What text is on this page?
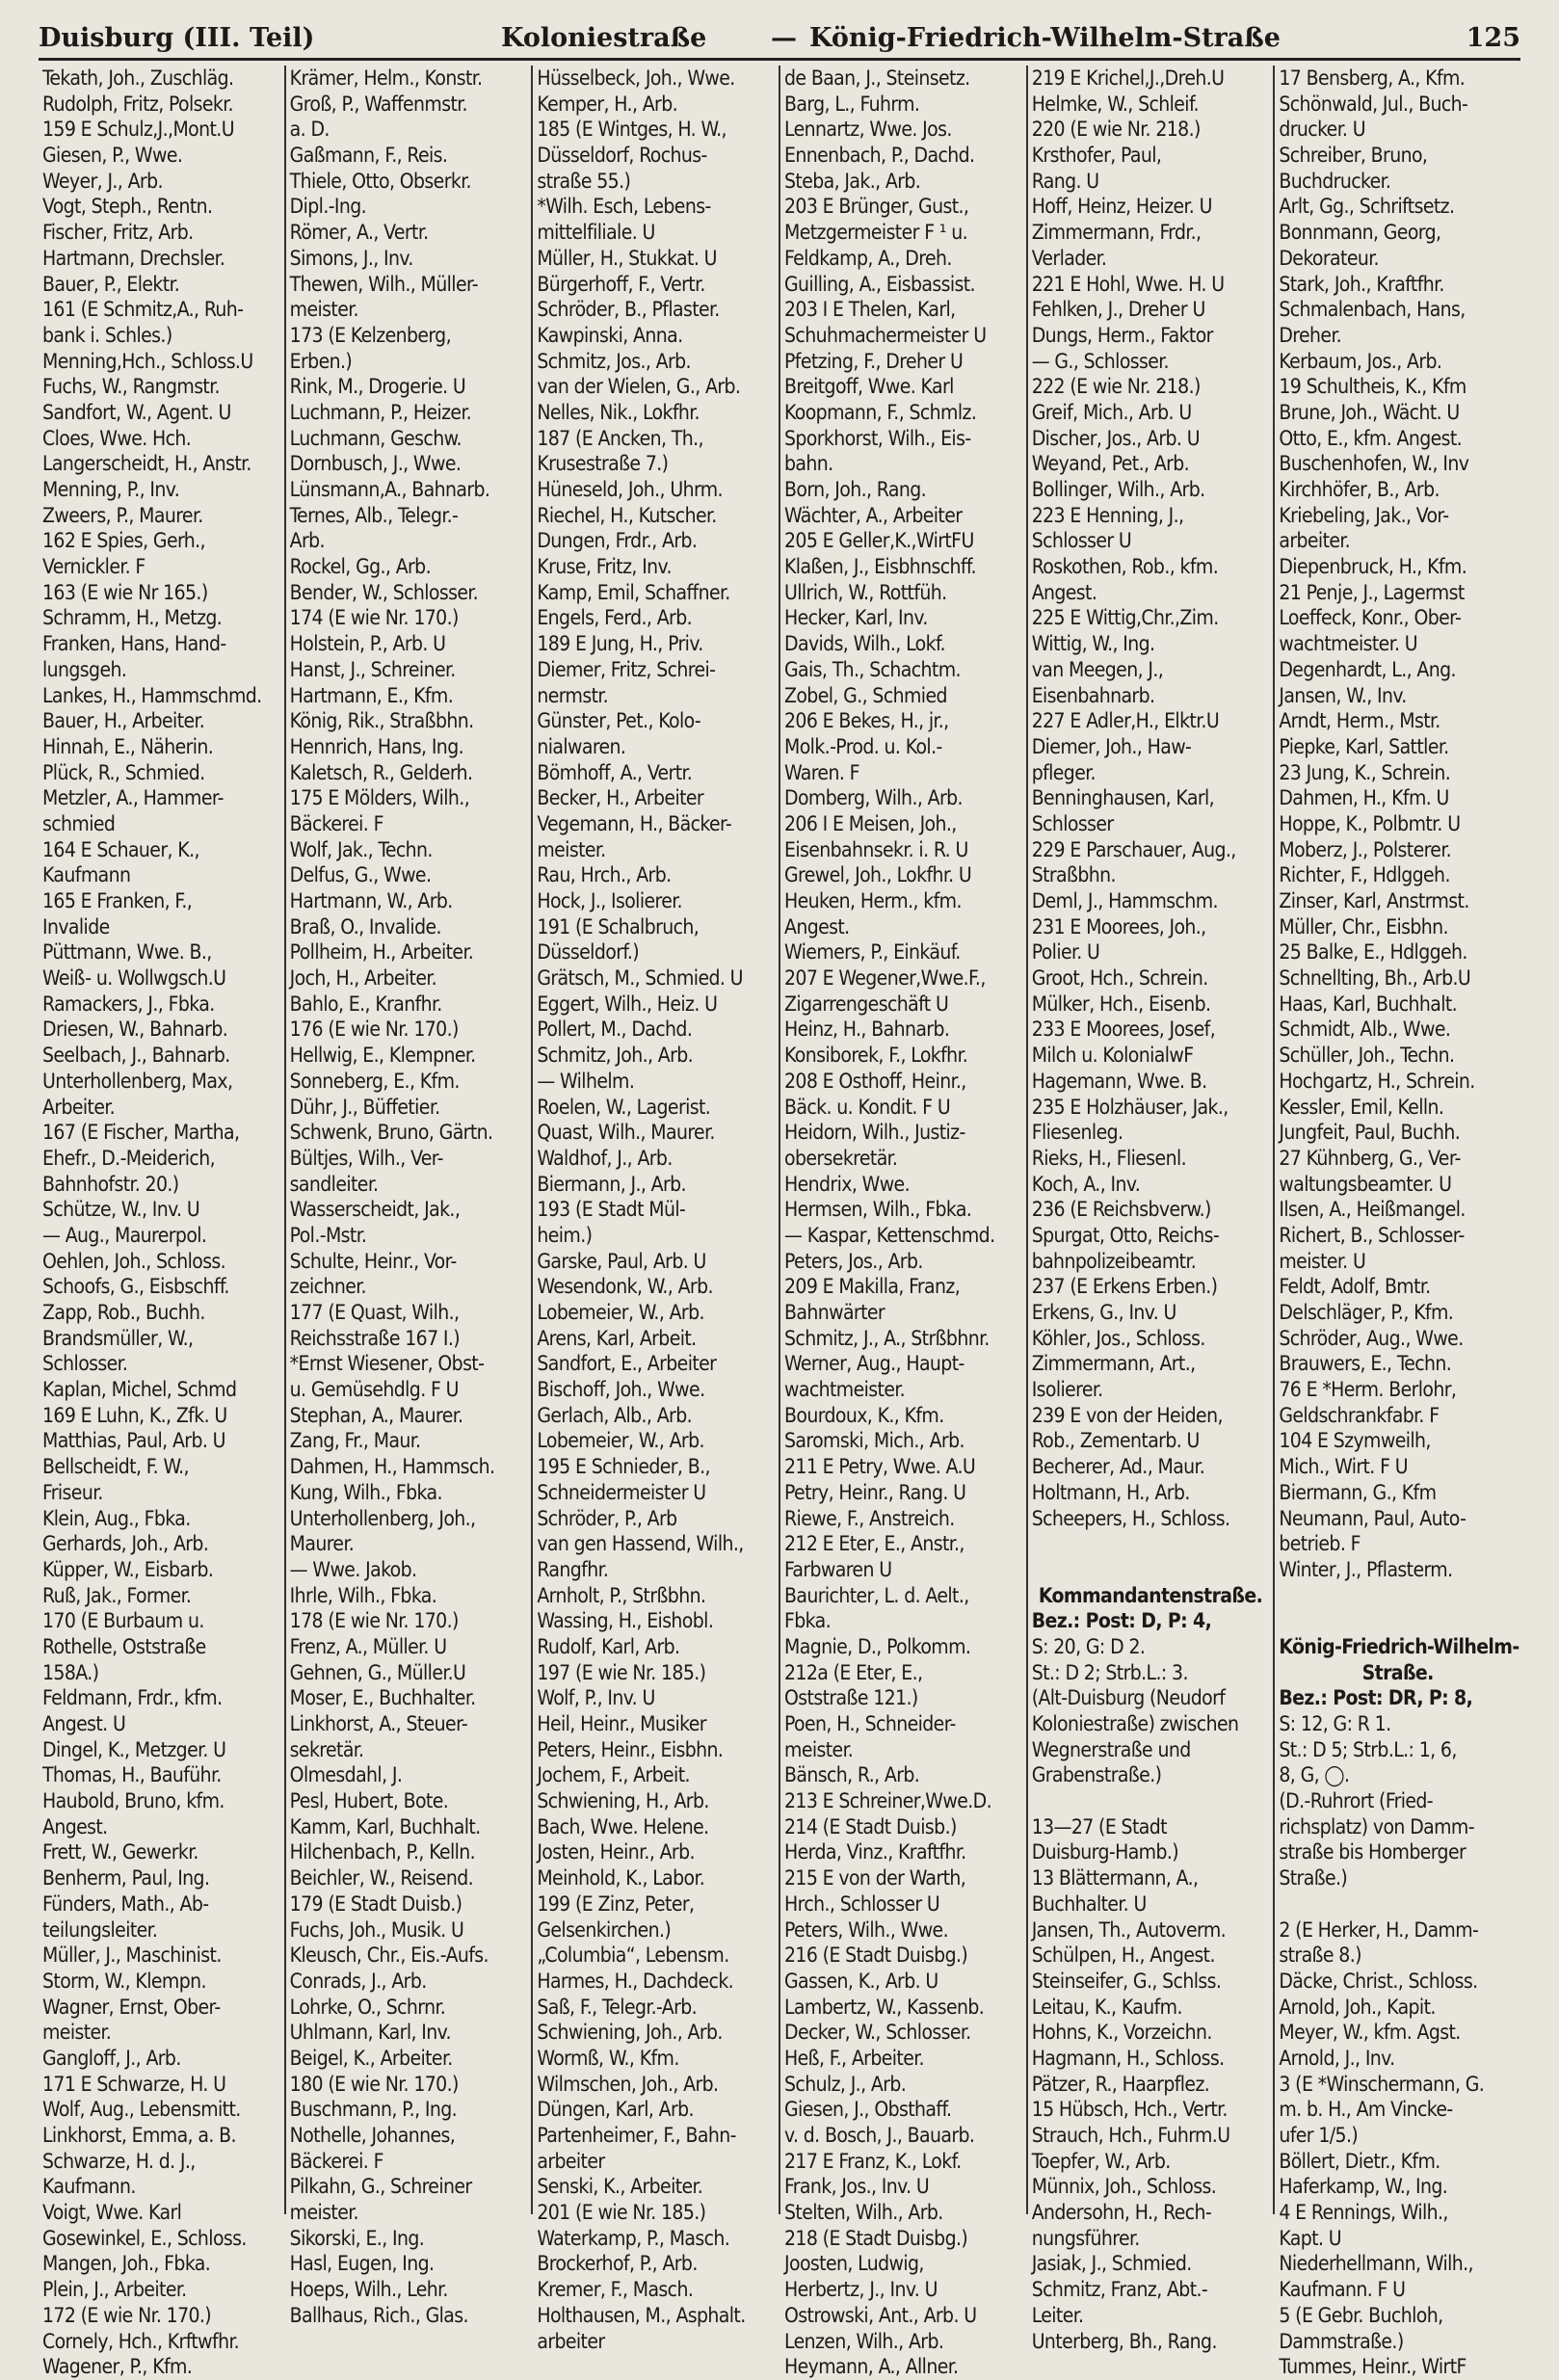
Duisburg (III. Teil)	Koloniestraße — König-Friedrich-Wilhelm-Straße	125
Tekath, Joh., Zuschläg.
Rudolph, Fritz, Polsekr.
159 E Schulz,J.,Mont.U
Giesen, P., Wwe.
Weyer, J., Arb.
Vogt, Steph., Rentn.
Fischer, Fritz, Arb.
Hartmann, Drechsler.
Bauer, P., Elektr.
161 (E Schmitz,A., Ruh-
bank i. Schles.)
Menning,Hch., Schloss.U
Fuchs, W., Rangmstr.
Sandfort, W., Agent. U
Cloes, Wwe. Hch.
Langerscheidt, H., Anstr.
Menning, P., Inv.
Zweers, P., Maurer.
162 E Spies, Gerh.,
Vernickler. F
163 (E wie Nr 165.)
Schramm, H., Metzg.
Franken, Hans, Hand-
lungsgeh.
Lankes, H., Hammschmd.
Bauer, H., Arbeiter.
Hinnah, E., Näherin.
Plück, R., Schmied.
Metzler, A., Hammer-
schmied
164 E Schauer, K.,
Kaufmann
165 E Franken, F.,
Invalide
Püttmann, Wwe. B.,
Weiß- u. Wollwgsch.U
Ramackers, J., Fbka.
Driesen, W., Bahnarb.
Seelbach, J., Bahnarb.
Unterhollenberg, Max,
Arbeiter.
167 (E Fischer, Martha,
Ehefr., D.-Meiderich,
Bahnhofstr. 20.)
Schütze, W., Inv. U
— Aug., Maurerpol.
Oehlen, Joh., Schloss.
Schoofs, G., Eisbschff.
Zapp, Rob., Buchh.
Brandsmüller, W.,
Schlosser.
Kaplan, Michel, Schmd
169 E Luhn, K., Zfk. U
Matthias, Paul, Arb. U
Bellscheidt, F. W.,
Friseur.
Klein, Aug., Fbka.
Gerhards, Joh., Arb.
Küpper, W., Eisbarb.
Ruß, Jak., Former.
170 (E Burbaum u.
Rothelle, Oststraße
158A.)
Feldmann, Frdr., kfm.
Angest. U
Dingel, K., Metzger. U
Thomas, H., Bauführ.
Haubold, Bruno, kfm.
Angest.
Frett, W., Gewerkr.
Benherm, Paul, Ing.
Fünders, Math., Ab-
teilungsleiter.
Müller, J., Maschinist.
Storm, W., Klempn.
Wagner, Ernst, Ober-
meister.
Gangloff, J., Arb.
171 E Schwarze, H. U
Wolf, Aug., Lebensmitt.
Linkhorst, Emma, a. B.
Schwarze, H. d. J.,
Kaufmann.
Voigt, Wwe. Karl
Gosewinkel, E., Schloss.
Mangen, Joh., Fbka.
Plein, J., Arbeiter.
172 (E wie Nr. 170.)
Cornely, Hch., Krftwfhr.
Wagener, P., Kfm.
Krämer, Helm., Konstr.
Groß, P., Waffenmstr.
a. D.
Gaßmann, F., Reis.
Thiele, Otto, Obserkr.
Dipl.-Ing.
Römer, A., Vertr.
Simons, J., Inv.
Thewen, Wilh., Müller-
meister.
173 (E Kelzenberg,
Erben.)
Rink, M., Drogerie. U
Luchmann, P., Heizer.
Luchmann, Geschw.
Dornbusch, J., Wwe.
Lünsmann,A., Bahnarb.
Ternes, Alb., Telegr.-
Arb.
Rockel, Gg., Arb.
Bender, W., Schlosser.
174 (E wie Nr. 170.)
Holstein, P., Arb. U
Hanst, J., Schreiner.
Hartmann, E., Kfm.
König, Rik., Straßbhn.
Hennrich, Hans, Ing.
Kaletsch, R., Gelderh.
175 E Mölders, Wilh.,
Bäckerei. F
Wolf, Jak., Techn.
Delfus, G., Wwe.
Hartmann, W., Arb.
Braß, O., Invalide.
Pollheim, H., Arbeiter.
Joch, H., Arbeiter.
Bahlo, E., Kranfhr.
176 (E wie Nr. 170.)
Hellwig, E., Klempner.
Sonneberg, E., Kfm.
Dühr, J., Büffetier.
Schwenk, Bruno, Gärtn.
Bültjes, Wilh., Ver-
sandleiter.
Wasserscheidt, Jak.,
Pol.-Mstr.
Schulte, Heinr., Vor-
zeichner.
177 (E Quast, Wilh.,
Reichsstraße 167 I.)
*Ernst Wiesener, Obst-
u. Gemüsehdlg. F U
Stephan, A., Maurer.
Zang, Fr., Maur.
Dahmen, H., Hammsch.
Kung, Wilh., Fbka.
Unterhollenberg, Joh.,
Maurer.
— Wwe. Jakob.
Ihrle, Wilh., Fbka.
178 (E wie Nr. 170.)
Frenz, A., Müller. U
Gehnen, G., Müller.U
Moser, E., Buchhalter.
Linkhorst, A., Steuer-
sekretär.
Olmesdahl, J.
Pesl, Hubert, Bote.
Kamm, Karl, Buchhalt.
Hilchenbach, P., Kelln.
Beichler, W., Reisend.
179 (E Stadt Duisb.)
Fuchs, Joh., Musik. U
Kleusch, Chr., Eis.-Aufs.
Conrads, J., Arb.
Lohrke, O., Schrnr.
Uhlmann, Karl, Inv.
Beigel, K., Arbeiter.
180 (E wie Nr. 170.)
Buschmann, P., Ing.
Nothelle, Johannes,
Bäckerei. F
Pilkahn, G., Schreiner
meister.
Sikorski, E., Ing.
Hasl, Eugen, Ing.
Hoeps, Wilh., Lehr.
Ballhaus, Rich., Glas.
Hüsselbeck, Joh., Wwe.
Kemper, H., Arb.
185 (E Wintges, H. W.,
Düsseldorf, Rochus-
straße 55.)
*Wilh. Esch, Lebens-
mittelfiliale. U
Müller, H., Stukkat. U
Bürgerhoff, F., Vertr.
Schröder, B., Pflaster.
Kawpinski, Anna.
Schmitz, Jos., Arb.
van der Wielen, G., Arb.
Nelles, Nik., Lokfhr.
187 (E Ancken, Th.,
Krusestraße 7.)
Hüneseld, Joh., Uhrm.
Riechel, H., Kutscher.
Dungen, Frdr., Arb.
Kruse, Fritz, Inv.
Kamp, Emil, Schaffner.
Engels, Ferd., Arb.
189 E Jung, H., Priv.
Diemer, Fritz, Schrei-
nermstr.
Günster, Pet., Kolo-
nialwaren.
Bömhoff, A., Vertr.
Becker, H., Arbeiter
Vegemann, H., Bäcker-
meister.
Rau, Hrch., Arb.
Hock, J., Isolierer.
191 (E Schalbruch,
Düsseldorf.)
Grätsch, M., Schmied. U
Eggert, Wilh., Heiz. U
Pollert, M., Dachd.
Schmitz, Joh., Arb.
— Wilhelm.
Roelen, W., Lagerist.
Quast, Wilh., Maurer.
Waldhof, J., Arb.
Biermann, J., Arb.
193 (E Stadt Mül-
heim.)
Garske, Paul, Arb. U
Wesendonk, W., Arb.
Lobemeier, W., Arb.
Arens, Karl, Arbeit.
Sandfort, E., Arbeiter
Bischoff, Joh., Wwe.
Gerlach, Alb., Arb.
Lobemeier, W., Arb.
195 E Schnieder, B.,
Schneidermeister U
Schröder, P., Arb
van gen Hassend, Wilh.,
Rangfhr.
Arnholt, P., Strßbhn.
Wassing, H., Eishobl.
Rudolf, Karl, Arb.
197 (E wie Nr. 185.)
Wolf, P., Inv. U
Heil, Heinr., Musiker
Peters, Heinr., Eisbhn.
Jochem, F., Arbeit.
Schwiening, H., Arb.
Bach, Wwe. Helene.
Josten, Heinr., Arb.
Meinhold, K., Labor.
199 (E Zinz, Peter,
Gelsenkirchen.)
„Columbia“, Lebensm.
Harmes, H., Dachdeck.
Saß, F., Telegr.-Arb.
Schwiening, Joh., Arb.
Wormß, W., Kfm.
Wilmschen, Joh., Arb.
Düngen, Karl, Arb.
Partenheimer, F., Bahn-
arbeiter
Senski, K., Arbeiter.
201 (E wie Nr. 185.)
Waterkamp, P., Masch.
Brockerhof, P., Arb.
Kremer, F., Masch.
Holthausen, M., Asphalt.
arbeiter
de Baan, J., Steinsetz.
Barg, L., Fuhrm.
Lennartz, Wwe. Jos.
Ennenbach, P., Dachd.
Steba, Jak., Arb.
203 E Brünger, Gust.,
Metzgermeister F ¹ u.
Feldkamp, A., Dreh.
Guilling, A., Eisbassist.
203 I E Thelen, Karl,
Schuhmachermeister U
Pfetzing, F., Dreher U
Breitgoff, Wwe. Karl
Koopmann, F., Schmlz.
Sporkhorst, Wilh., Eis-
bahn.
Born, Joh., Rang.
Wächter, A., Arbeiter
205 E Geller,K.,WirtFU
Klaßen, J., Eisbhnschff.
Ullrich, W., Rottfüh.
Hecker, Karl, Inv.
Davids, Wilh., Lokf.
Gais, Th., Schachtm.
Zobel, G., Schmied
206 E Bekes, H., jr.,
Molk.-Prod. u. Kol.-
Waren. F
Domberg, Wilh., Arb.
206 I E Meisen, Joh.,
Eisenbahnsekr. i. R. U
Grewel, Joh., Lokfhr. U
Heuken, Herm., kfm.
Angest.
Wiemers, P., Einkäuf.
207 E Wegener,Wwe.F.,
Zigarrengeschäft U
Heinz, H., Bahnarb.
Konsiborek, F., Lokfhr.
208 E Osthoff, Heinr.,
Bäck. u. Kondit. F U
Heidorn, Wilh., Justiz-
obersekretär.
Hendrix, Wwe.
Hermsen, Wilh., Fbka.
— Kaspar, Kettenschmd.
Peters, Jos., Arb.
209 E Makilla, Franz,
Bahnwärter
Schmitz, J., A., Strßbhnr.
Werner, Aug., Haupt-
wachtmeister.
Bourdoux, K., Kfm.
Saromski, Mich., Arb.
211 E Petry, Wwe. A.U
Petry, Heinr., Rang. U
Riewe, F., Anstreich.
212 E Eter, E., Anstr.,
Farbwaren U
Baurichter, L. d. Aelt.,
Fbka.
Magnie, D., Polkomm.
212a (E Eter, E.,
Oststraße 121.)
Poen, H., Schneider-
meister.
Bänsch, R., Arb.
213 E Schreiner,Wwe.D.
214 (E Stadt Duisb.)
Herda, Vinz., Kraftfhr.
215 E von der Warth,
Hrch., Schlosser U
Peters, Wilh., Wwe.
216 (E Stadt Duisbg.)
Gassen, K., Arb. U
Lambertz, W., Kassenb.
Decker, W., Schlosser.
Heß, F., Arbeiter.
Schulz, J., Arb.
Giesen, J., Obsthaff.
v. d. Bosch, J., Bauarb.
217 E Franz, K., Lokf.
Frank, Jos., Inv. U
Stelten, Wilh., Arb.
218 (E Stadt Duisbg.)
Joosten, Ludwig,
Herbertz, J., Inv. U
Ostrowski, Ant., Arb. U
Lenzen, Wilh., Arb.
Heymann, A., Allner.
219 E Krichel,J.,Dreh.U
Helmke, W., Schleif.
220 (E wie Nr. 218.)
Krsthofer, Paul,
Rang. U
Hoff, Heinz, Heizer. U
Zimmermann, Frdr.,
Verlader.
221 E Hohl, Wwe. H. U
Fehlken, J., Dreher U
Dungs, Herm., Faktor
— G., Schlosser.
222 (E wie Nr. 218.)
Greif, Mich., Arb. U
Discher, Jos., Arb. U
Weyand, Pet., Arb.
Bollinger, Wilh., Arb.
223 E Henning, J.,
Schlosser U
Roskothen, Rob., kfm.
Angest.
225 E Wittig,Chr.,Zim.
Wittig, W., Ing.
van Meegen, J.,
Eisenbahnarb.
227 E Adler,H., Elktr.U
Diemer, Joh., Haw-
pfleger.
Benninghausen, Karl,
Schlosser
229 E Parschauer, Aug.,
Straßbhn.
Deml, J., Hammschm.
231 E Moorees, Joh.,
Polier. U
Groot, Hch., Schrein.
Mülker, Hch., Eisenb.
233 E Moorees, Josef,
Milch u. KolonialwF
Hagemann, Wwe. B.
235 E Holzhäuser, Jak.,
Fliesenleg.
Rieks, H., Fliesenl.
Koch, A., Inv.
236 (E Reichsbverw.)
Spurgat, Otto, Reichs-
bahnpolizeibeamtr.
237 (E Erkens Erben.)
Erkens, G., Inv. U
Köhler, Jos., Schloss.
Zimmermann, Art.,
Isolierer.
239 E von der Heiden,
Rob., Zementarb. U
Becherer, Ad., Maur.
Holtmann, H., Arb.
Scheepers, H., Schloss.
Kommandantenstraße.
Bez.: Post: D, P: 4,
S: 20, G: D 2.
St.: D 2; Strb.L.: 3.
(Alt-Duisburg (Neudorf
Koloniestraße) zwischen
Wegnerstraße und
Grabenstraße.)
13—27 (E Stadt
Duisburg-Hamb.)
13 Blättermann, A.,
Buchhalter. U
Jansen, Th., Autoverm.
Schülpen, H., Angest.
Steinseifer, G., Schlss.
Leitau, K., Kaufm.
Hohns, K., Vorzeichn.
Hagmann, H., Schloss.
Pätzer, R., Haarpflez.
15 Hübsch, Hch., Vertr.
Strauch, Hch., Fuhrm.U
Toepfer, W., Arb.
Münnix, Joh., Schloss.
Andersohn, H., Rech-
nungsführer.
Jasiak, J., Schmied.
Schmitz, Franz, Abt.-
Leiter.
Unterberg, Bh., Rang.
17 Bensberg, A., Kfm.
Schönwald, Jul., Buch-
drucker. U
Schreiber, Bruno,
Buchdrucker.
Arlt, Gg., Schriftsetz.
Bonnmann, Georg,
Dekorateur.
Stark, Joh., Kraftfhr.
Schmalenbach, Hans,
Dreher.
Kerbaum, Jos., Arb.
19 Schultheis, K., Kfm
Brune, Joh., Wächt. U
Otto, E., kfm. Angest.
Buschenhofen, W., Inv
Kirchhöfer, B., Arb.
Kriebeling, Jak., Vor-
arbeiter.
Diepenbruck, H., Kfm.
21 Penje, J., Lagermst
Loeffeck, Konr., Ober-
wachtmeister. U
Degenhardt, L., Ang.
Jansen, W., Inv.
Arndt, Herm., Mstr.
Piepke, Karl, Sattler.
23 Jung, K., Schrein.
Dahmen, H., Kfm. U
Hoppe, K., Polbmtr. U
Moberz, J., Polsterer.
Richter, F., Hdlggeh.
Zinser, Karl, Anstrmst.
Müller, Chr., Eisbhn.
25 Balke, E., Hdlggeh.
Schnellting, Bh., Arb.U
Haas, Karl, Buchhalt.
Schmidt, Alb., Wwe.
Schüller, Joh., Techn.
Hochgartz, H., Schrein.
Kessler, Emil, Kelln.
Jungfeit, Paul, Buchh.
27 Kühnberg, G., Ver-
waltungsbeamter. U
Ilsen, A., Heißmangel.
Richert, B., Schlosser-
meister. U
Feldt, Adolf, Bmtr.
Delschläger, P., Kfm.
Schröder, Aug., Wwe.
Brauwers, E., Techn.
76 E *Herm. Berlohr,
Geldschrankfabr. F
104 E Szymweilh,
Mich., Wirt. F U
Biermann, G., Kfm
Neumann, Paul, Auto-
betrieb. F
Winter, J., Pflasterm.
König-Friedrich-Wilhelm-
Straße.
Bez.: Post: DR, P: 8,
S: 12, G: R 1.
St.: D 5; Strb.L.: 1, 6,
8, G, ◯.
(D.-Ruhrort (Fried-
richsplatz) von Damm-
straße bis Homberger
Straße.)
2 (E Herker, H., Damm-
straße 8.)
Däcke, Christ., Schloss.
Arnold, Joh., Kapit.
Meyer, W., kfm. Agst.
Arnold, J., Inv.
3 (E *Winschermann, G.
m. b. H., Am Vincke-
ufer 1/5.)
Böllert, Dietr., Kfm.
Haferkamp, W., Ing.
4 E Rennings, Wilh.,
Kapt. U
Niederhellmann, Wilh.,
Kaufmann. F U
5 (E Gebr. Buchloh,
Dammstraße.)
Tummes, Heinr., WirtF
